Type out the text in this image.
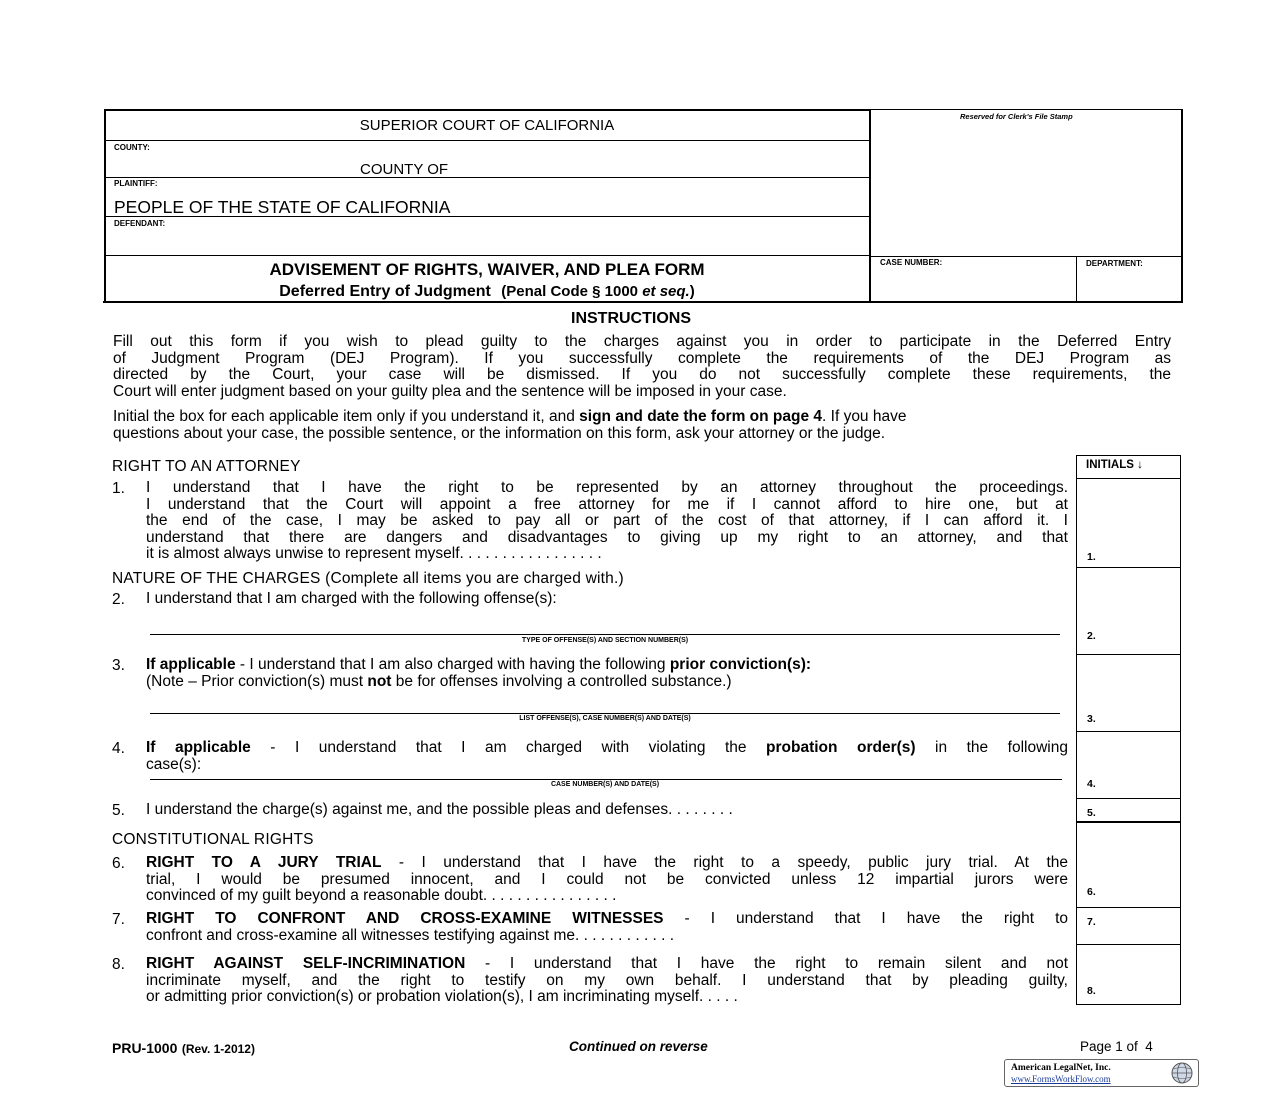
SUPERIOR COURT OF CALIFORNIA
COUNTY:
COUNTY OF
PLAINTIFF:
PEOPLE OF THE STATE OF CALIFORNIA
DEFENDANT:
Reserved for Clerk's File Stamp
CASE NUMBER:	DEPARTMENT:
ADVISEMENT OF RIGHTS, WAIVER, AND PLEA FORM
Deferred Entry of Judgment (Penal Code § 1000 et seq.)
INSTRUCTIONS
Fill out this form if you wish to plead guilty to the charges against you in order to participate in the Deferred Entry
of Judgment Program (DEJ Program). If you successfully complete the requirements of the DEJ Program as
directed by the Court, your case will be dismissed. If you do not successfully complete these requirements, the
Court will enter judgment based on your guilty plea and the sentence will be imposed in your case.
Initial the box for each applicable item only if you understand it, and sign and date the form on page 4. If you have
questions about your case, the possible sentence, or the information on this form, ask your attorney or the judge.
INITIALS ↓
1.
2.
3.
4.
5.
6.
7.
8.
RIGHT TO AN ATTORNEY
1. I understand that I have the right to be represented by an attorney throughout the proceedings.
I understand that the Court will appoint a free attorney for me if I cannot afford to hire one, but at
the end of the case, I may be asked to pay all or part of the cost of that attorney, if I can afford it. I
understand that there are dangers and disadvantages to giving up my right to an attorney, and that
it is almost always unwise to represent myself. . . . . . . . . . . . . . . . .
NATURE OF THE CHARGES (Complete all items you are charged with.)
2. I understand that I am charged with the following offense(s):
TYPE OF OFFENSE(S) AND SECTION NUMBER(S)
3. If applicable - I understand that I am also charged with having the following prior conviction(s):
(Note – Prior conviction(s) must not be for offenses involving a controlled substance.)
LIST OFFENSE(S), CASE NUMBER(S) AND DATE(S)
4. If applicable - I understand that I am charged with violating the probation order(s) in the following
case(s):
CASE NUMBER(S) AND DATE(S)
5. I understand the charge(s) against me, and the possible pleas and defenses. . . . . . . .
CONSTITUTIONAL RIGHTS
6. RIGHT TO A JURY TRIAL - I understand that I have the right to a speedy, public jury trial. At the
trial, I would be presumed innocent, and I could not be convicted unless 12 impartial jurors were
convinced of my guilt beyond a reasonable doubt. . . . . . . . . . . . . . . .
7. RIGHT TO CONFRONT AND CROSS-EXAMINE WITNESSES - I understand that I have the right to
confront and cross-examine all witnesses testifying against me. . . . . . . . . . . .
8. RIGHT AGAINST SELF-INCRIMINATION - I understand that I have the right to remain silent and not
incriminate myself, and the right to testify on my own behalf. I understand that by pleading guilty,
or admitting prior conviction(s) or probation violation(s), I am incriminating myself. . . . .
PRU-1000 (Rev. 1-2012)	Continued on reverse	Page 1 of  4
American LegalNet, Inc.
www.FormsWorkFlow.com
